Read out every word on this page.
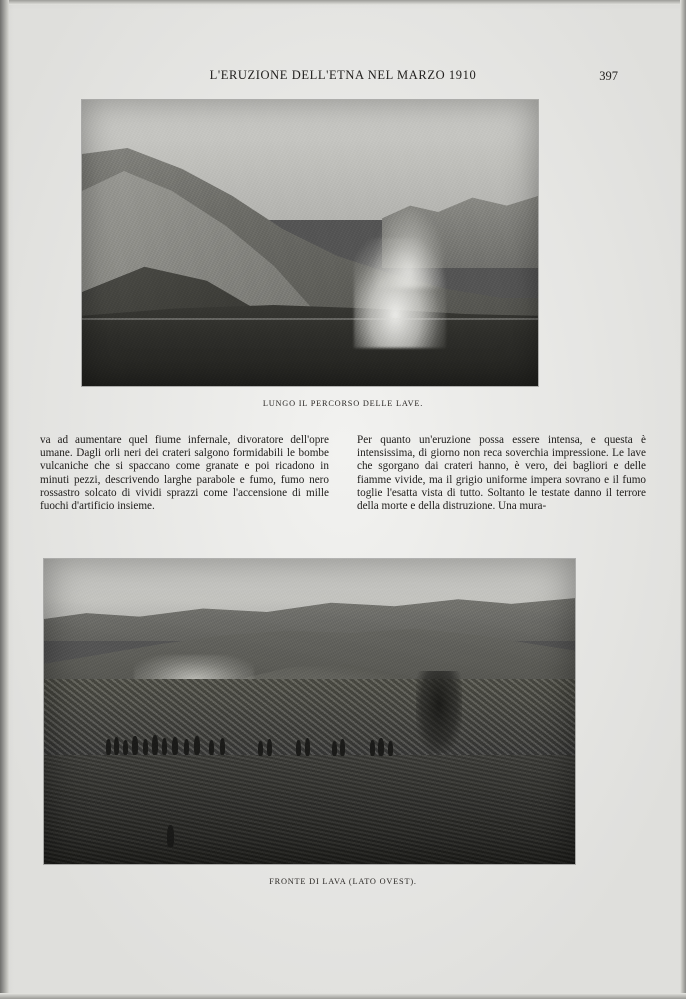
L'ERUZIONE DELL'ETNA NEL MARZO 1910	397
LUNGO IL PERCORSO DELLE LAVE.

va ad aumentare quel fiume infernale, divoratore dell'opre umane. Dagli orli neri dei crateri salgono formidabili le bombe vulcaniche che si spaccano come granate e poi ricadono in minuti pezzi, descrivendo larghe parabole e fumo, fumo nero rossastro solcato di vividi sprazzi come l'accensione di mille fuochi d'artificio insieme.

Per quanto un'eruzione possa essere intensa, e questa è intensissima, di giorno non reca soverchia impressione. Le lave che sgorgano dai crateri hanno, è vero, dei bagliori e delle fiamme vivide, ma il grigio uniforme impera sovrano e il fumo toglie l'esatta vista di tutto. Soltanto le testate danno il terrore della morte e della distruzione. Una mura-

FRONTE DI LAVA (LATO OVEST).
